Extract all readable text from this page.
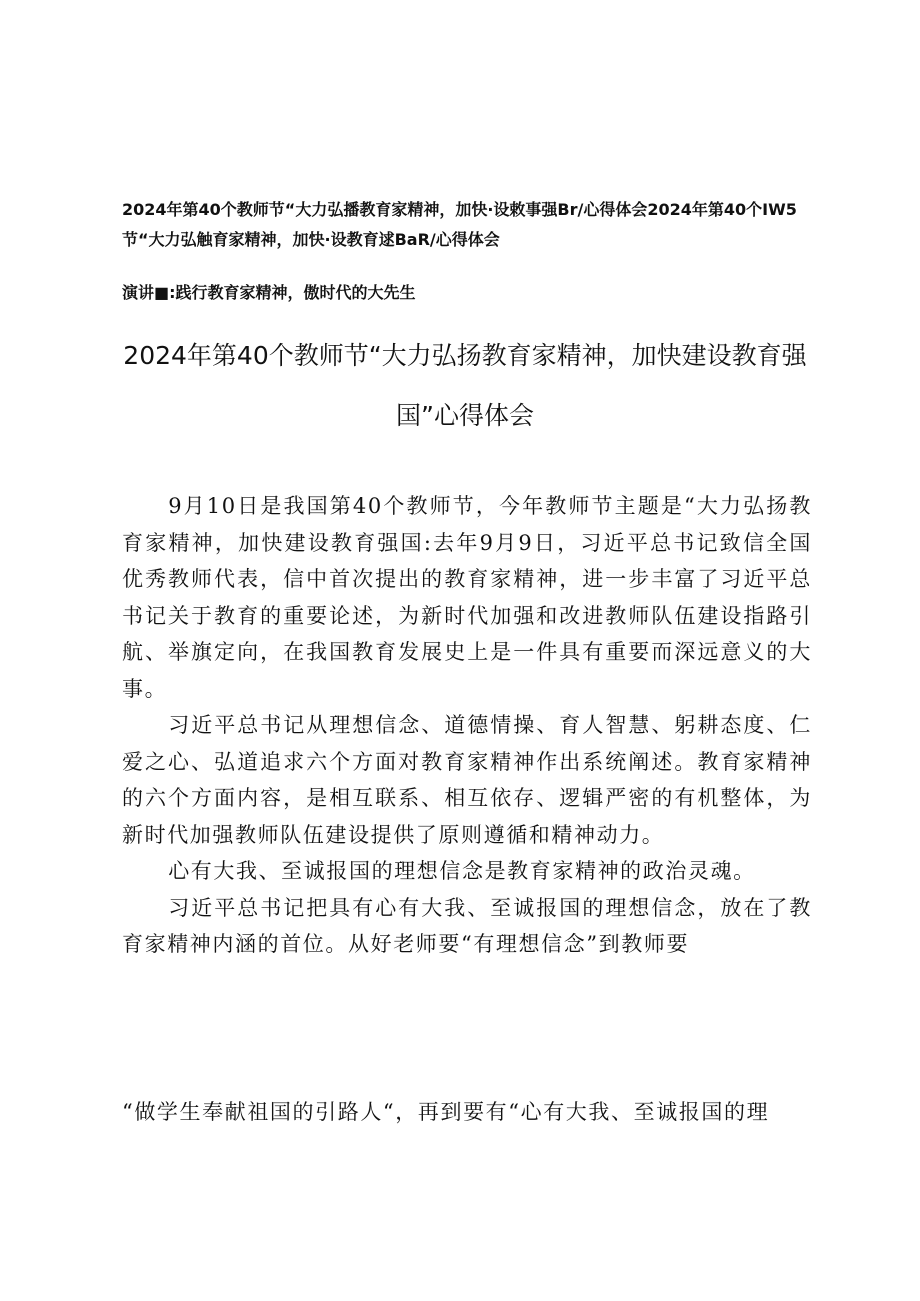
2024年第40个教师节“大力弘播教育家精神，加快·设敕事强Br/心得体会2024年第40个IW5节“大力弘触育家精神，加快·设教育逑BaR/心得体会
演讲■:践行教育家精神，傲时代的大先生
2024年第40个教师节“大力弘扬教育家精神，加快建设教育强国”心得体会

9月10日是我国第40个教师节，今年教师节主题是“大力弘扬教育家精神，加快建设教育强国:去年9月9日，习近平总书记致信全国优秀教师代表，信中首次提出的教育家精神，进一步丰富了习近平总书记关于教育的重要论述，为新时代加强和改进教师队伍建设指路引航、举旗定向，在我国教育发展史上是一件具有重要而深远意义的大事。

习近平总书记从理想信念、道德情操、育人智慧、躬耕态度、仁爱之心、弘道追求六个方面对教育家精神作出系统阐述。教育家精神的六个方面内容，是相互联系、相互依存、逻辑严密的有机整体，为新时代加强教师队伍建设提供了原则遵循和精神动力。

心有大我、至诚报国的理想信念是教育家精神的政治灵魂。

习近平总书记把具有心有大我、至诚报国的理想信念，放在了教育家精神内涵的首位。从好老师要“有理想信念”到教师要

“做学生奉献祖国的引路人“，再到要有“心有大我、至诚报国的理
